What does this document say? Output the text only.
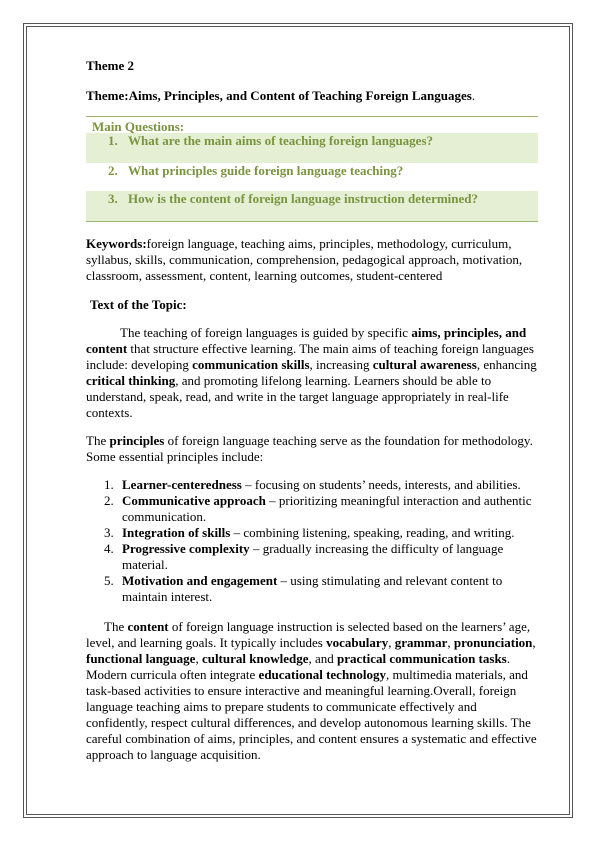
Theme 2
Theme:Aims, Principles, and Content of Teaching Foreign Languages.
Main Questions:
1. What are the main aims of teaching foreign languages?
2. What principles guide foreign language teaching?
3. How is the content of foreign language instruction determined?
Keywords:foreign language, teaching aims, principles, methodology, curriculum, syllabus, skills, communication, comprehension, pedagogical approach, motivation, classroom, assessment, content, learning outcomes, student-centered
Text of the Topic:

The teaching of foreign languages is guided by specific aims, principles, and content that structure effective learning. The main aims of teaching foreign languages include: developing communication skills, increasing cultural awareness, enhancing critical thinking, and promoting lifelong learning. Learners should be able to understand, speak, read, and write in the target language appropriately in real-life contexts.

The principles of foreign language teaching serve as the foundation for methodology. Some essential principles include:

1. Learner-centeredness – focusing on students’ needs, interests, and abilities.
2. Communicative approach – prioritizing meaningful interaction and authentic communication.
3. Integration of skills – combining listening, speaking, reading, and writing.
4. Progressive complexity – gradually increasing the difficulty of language material.
5. Motivation and engagement – using stimulating and relevant content to maintain interest.

The content of foreign language instruction is selected based on the learners’ age, level, and learning goals. It typically includes vocabulary, grammar, pronunciation, functional language, cultural knowledge, and practical communication tasks. Modern curricula often integrate educational technology, multimedia materials, and task-based activities to ensure interactive and meaningful learning.Overall, foreign language teaching aims to prepare students to communicate effectively and confidently, respect cultural differences, and develop autonomous learning skills. The careful combination of aims, principles, and content ensures a systematic and effective approach to language acquisition.
